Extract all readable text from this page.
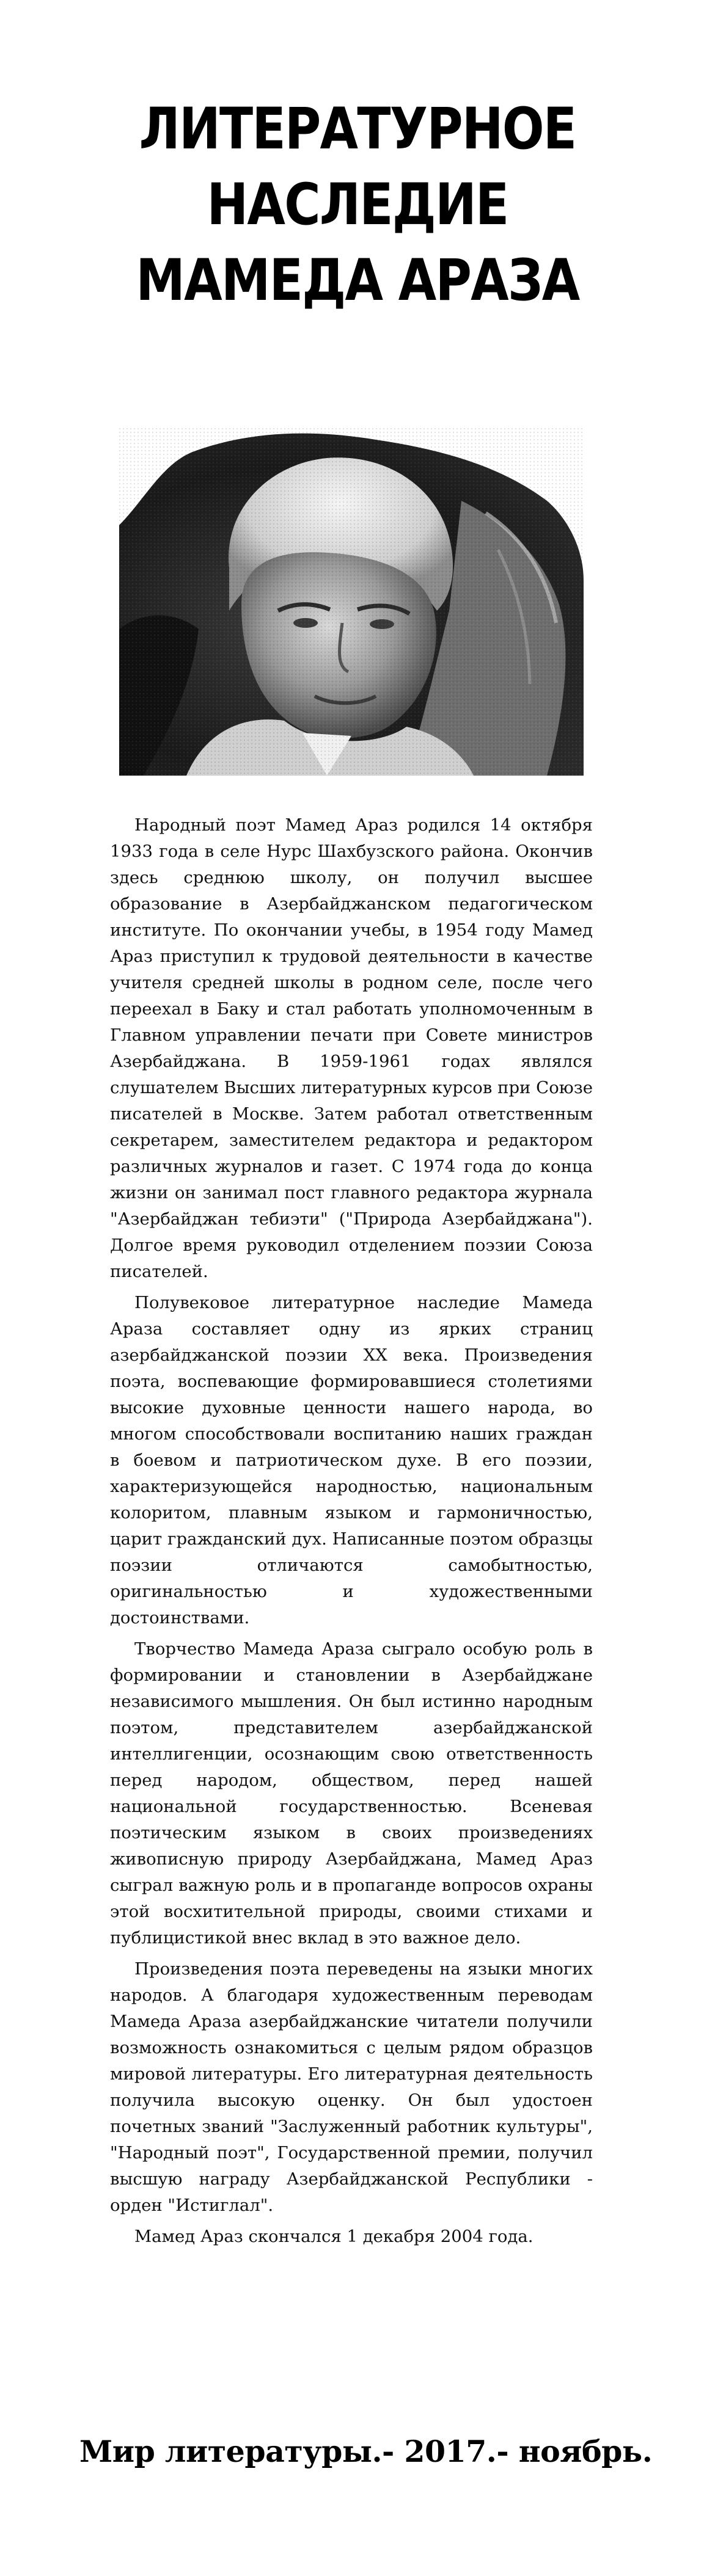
ЛИТЕРАТУРНОЕ
НАСЛЕДИЕ
МАМЕДА АРАЗА

Народный поэт Мамед Араз родился 14 октября 1933 года в селе Нурс Шахбузского района. Окончив здесь среднюю школу, он получил высшее образование в Азербайджанском педагогическом институте. По окончании учебы, в 1954 году Мамед Араз приступил к трудовой деятельности в качестве учителя средней школы в родном селе, после чего переехал в Баку и стал работать уполномоченным в Главном управлении печати при Совете министров Азербайджана. В 1959-1961 годах являлся слушателем Высших литературных курсов при Союзе писателей в Москве. Затем работал ответственным секретарем, заместителем редактора и редактором различных журналов и газет. С 1974 года до конца жизни он занимал пост главного редактора журнала "Азербайджан тебиэти" ("Природа Азербайджана"). Долгое время руководил отделением поэзии Союза писателей.

Полувековое литературное наследие Мамеда Араза составляет одну из ярких страниц азербайджанской поэзии XX века. Произведения поэта, воспевающие формировавшиеся столетиями высокие духовные ценности нашего народа, во многом способствовали воспитанию наших граждан в боевом и патриотическом духе. В его поэзии, характеризующейся народностью, национальным колоритом, плавным языком и гармоничностью, царит гражданский дух. Написанные поэтом образцы поэзии отличаются самобытностью, оригинальностью и художественными достоинствами.

Творчество Мамеда Араза сыграло особую роль в формировании и становлении в Азербайджане независимого мышления. Он был истинно народным поэтом, представителем азербайджанской интеллигенции, осознающим свою ответственность перед народом, обществом, перед нашей национальной государственностью. Всеневая поэтическим языком в своих произведениях живописную природу Азербайджана, Мамед Араз сыграл важную роль и в пропаганде вопросов охраны этой восхитительной природы, своими стихами и публицистикой внес вклад в это важное дело.

Произведения поэта переведены на языки многих народов. А благодаря художественным переводам Мамеда Араза азербайджанские читатели получили возможность ознакомиться с целым рядом образцов мировой литературы. Его литературная деятельность получила высокую оценку. Он был удостоен почетных званий "Заслуженный работник культуры", "Народный поэт", Государственной премии, получил высшую награду Азербайджанской Республики - орден "Истиглал".

Мамед Араз скончался 1 декабря 2004 года.

Мир литературы.- 2017.- ноябрь.
